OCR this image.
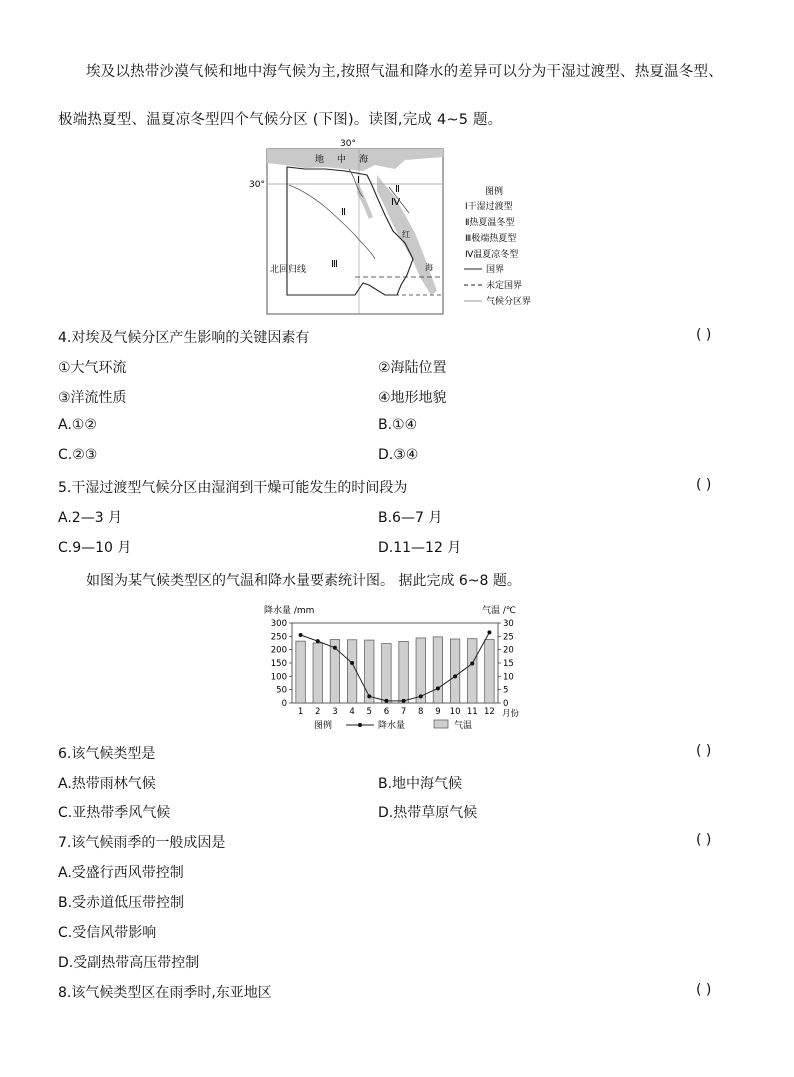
埃及以热带沙漠气候和地中海气候为主,按照气温和降水的差异可以分为干湿过渡型、热夏温冬型、
极端热夏型、温夏凉冬型四个气候分区 (下图)。读图,完成 4~5 题。
30°
30°
地 中 海
Ⅰ
Ⅱ
Ⅲ
Ⅳ
Ⅱ
红
海
北回归线
图例
Ⅰ干湿过渡型
Ⅱ热夏温冬型
Ⅲ极端热夏型
Ⅳ温夏凉冬型
国界
未定国界
气候分区界
4.对埃及气候分区产生影响的关键因素有	( )
①大气环流	②海陆位置
③洋流性质	④地形地貌
A.①②	B.①④
C.②③	D.③④
5.干湿过渡型气候分区由湿润到干燥可能发生的时间段为	( )
A.2—3 月	B.6—7 月
C.9—10 月	D.11—12 月
如图为某气候类型区的气温和降水量要素统计图。 据此完成 6~8 题。
降水量 /mm	气温 /℃
0
50
100
150
200
250
300
0
5
10
15
20
25
30
1 2 3 4 5 6 7 8 9 10 11 12 月份
图例	降水量	气温
6.该气候类型是	( )
A.热带雨林气候	B.地中海气候
C.亚热带季风气候	D.热带草原气候
7.该气候雨季的一般成因是	( )
A.受盛行西风带控制
B.受赤道低压带控制
C.受信风带影响
D.受副热带高压带控制
8.该气候类型区在雨季时,东亚地区	( )
